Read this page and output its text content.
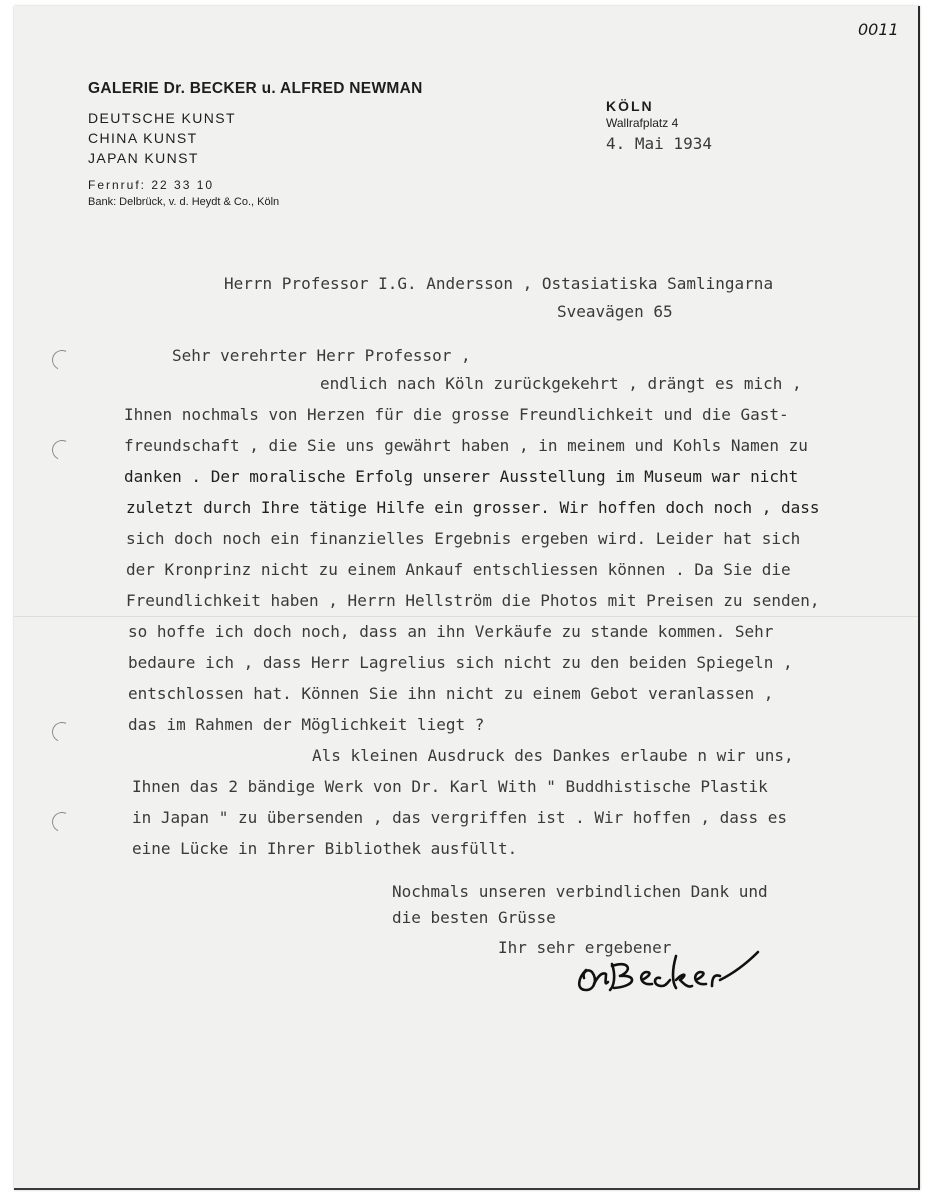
0011
GALERIE Dr. BECKER u. ALFRED NEWMAN
DEUTSCHE KUNST
CHINA KUNST
JAPAN KUNST
Fernruf: 22 33 10
Bank: Delbrück, v. d. Heydt & Co., Köln
KÖLN
Wallrafplatz 4
4. Mai 1934
Herrn Professor I.G. Andersson , Ostasiatiska Samlingarna
Sveavägen 65
Sehr verehrter Herr Professor ,
endlich nach Köln zurückgekehrt , drängt es mich ,
Ihnen nochmals von Herzen für die grosse Freundlichkeit und die Gast-
freundschaft , die Sie uns gewährt haben , in meinem und Kohls Namen zu
danken . Der moralische Erfolg unserer Ausstellung im Museum war nicht
zuletzt durch Ihre tätige Hilfe ein grosser. Wir hoffen doch noch , dass
sich doch noch ein finanzielles Ergebnis ergeben wird. Leider hat sich
der Kronprinz nicht zu einem Ankauf entschliessen können . Da Sie die
Freundlichkeit haben , Herrn Hellström die Photos mit Preisen zu senden,
so hoffe ich doch noch, dass an ihn Verkäufe zu stande kommen. Sehr
bedaure ich , dass Herr Lagrelius sich nicht zu den beiden Spiegeln ,
entschlossen hat. Können Sie ihn nicht zu einem Gebot veranlassen ,
das im Rahmen der Möglichkeit liegt ?
Als kleinen Ausdruck des Dankes erlaube n wir uns,
Ihnen das 2 bändige Werk von Dr. Karl With " Buddhistische Plastik
in Japan " zu übersenden , das vergriffen ist . Wir hoffen , dass es
eine Lücke in Ihrer Bibliothek ausfüllt.
Nochmals unseren verbindlichen Dank und
die besten Grüsse
Ihr sehr ergebener
